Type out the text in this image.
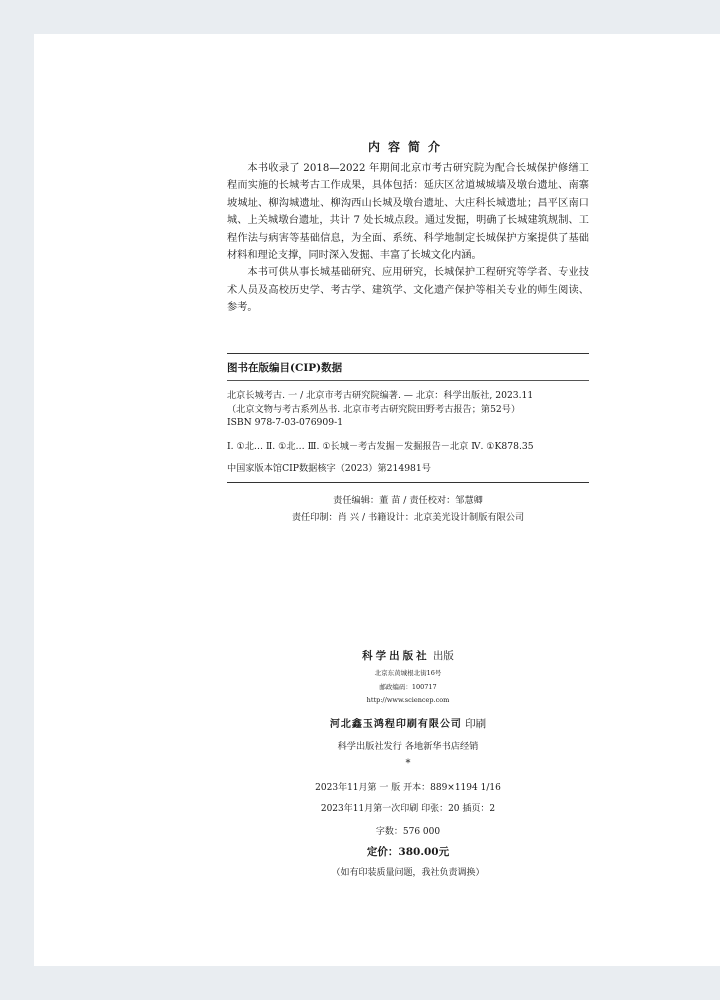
内容简介

本书收录了 2018—2022 年期间北京市考古研究院为配合长城保护修缮工程而实施的长城考古工作成果，具体包括：延庆区岔道城城墙及墩台遗址、南寨坡城址、柳沟城遗址、柳沟西山长城及墩台遗址、大庄科长城遗址；昌平区南口城、上关城墩台遗址，共计 7 处长城点段。通过发掘，明确了长城建筑规制、工程作法与病害等基础信息，为全面、系统、科学地制定长城保护方案提供了基础材料和理论支撑，同时深入发掘、丰富了长城文化内涵。

本书可供从事长城基础研究、应用研究，长城保护工程研究等学者、专业技术人员及高校历史学、考古学、建筑学、文化遗产保护等相关专业的师生阅读、参考。

图书在版编目(CIP)数据
北京长城考古. 一 / 北京市考古研究院编著. — 北京：科学出版社, 2023.11
（北京文物与考古系列丛书. 北京市考古研究院田野考古报告；第52号）
ISBN 978-7-03-076909-1
Ⅰ. ①北… Ⅱ. ①北… Ⅲ. ①长城－考古发掘－发掘报告－北京 Ⅳ. ①K878.35
中国家版本馆CIP数据核字（2023）第214981号
责任编辑：董 苗 / 责任校对：邹慧卿
责任印制：肖 兴 / 书籍设计：北京美光设计制版有限公司
科学出版社 出版
北京东黄城根北街16号
邮政编码：100717
http://www.sciencep.com
河北鑫玉鸿程印刷有限公司 印刷
科学出版社发行 各地新华书店经销
*
2023年11月第 一 版 开本：889×1194 1/16
2023年11月第一次印刷 印张：20 插页：2
字数：576 000
定价：380.00元
（如有印装质量问题，我社负责调换）
